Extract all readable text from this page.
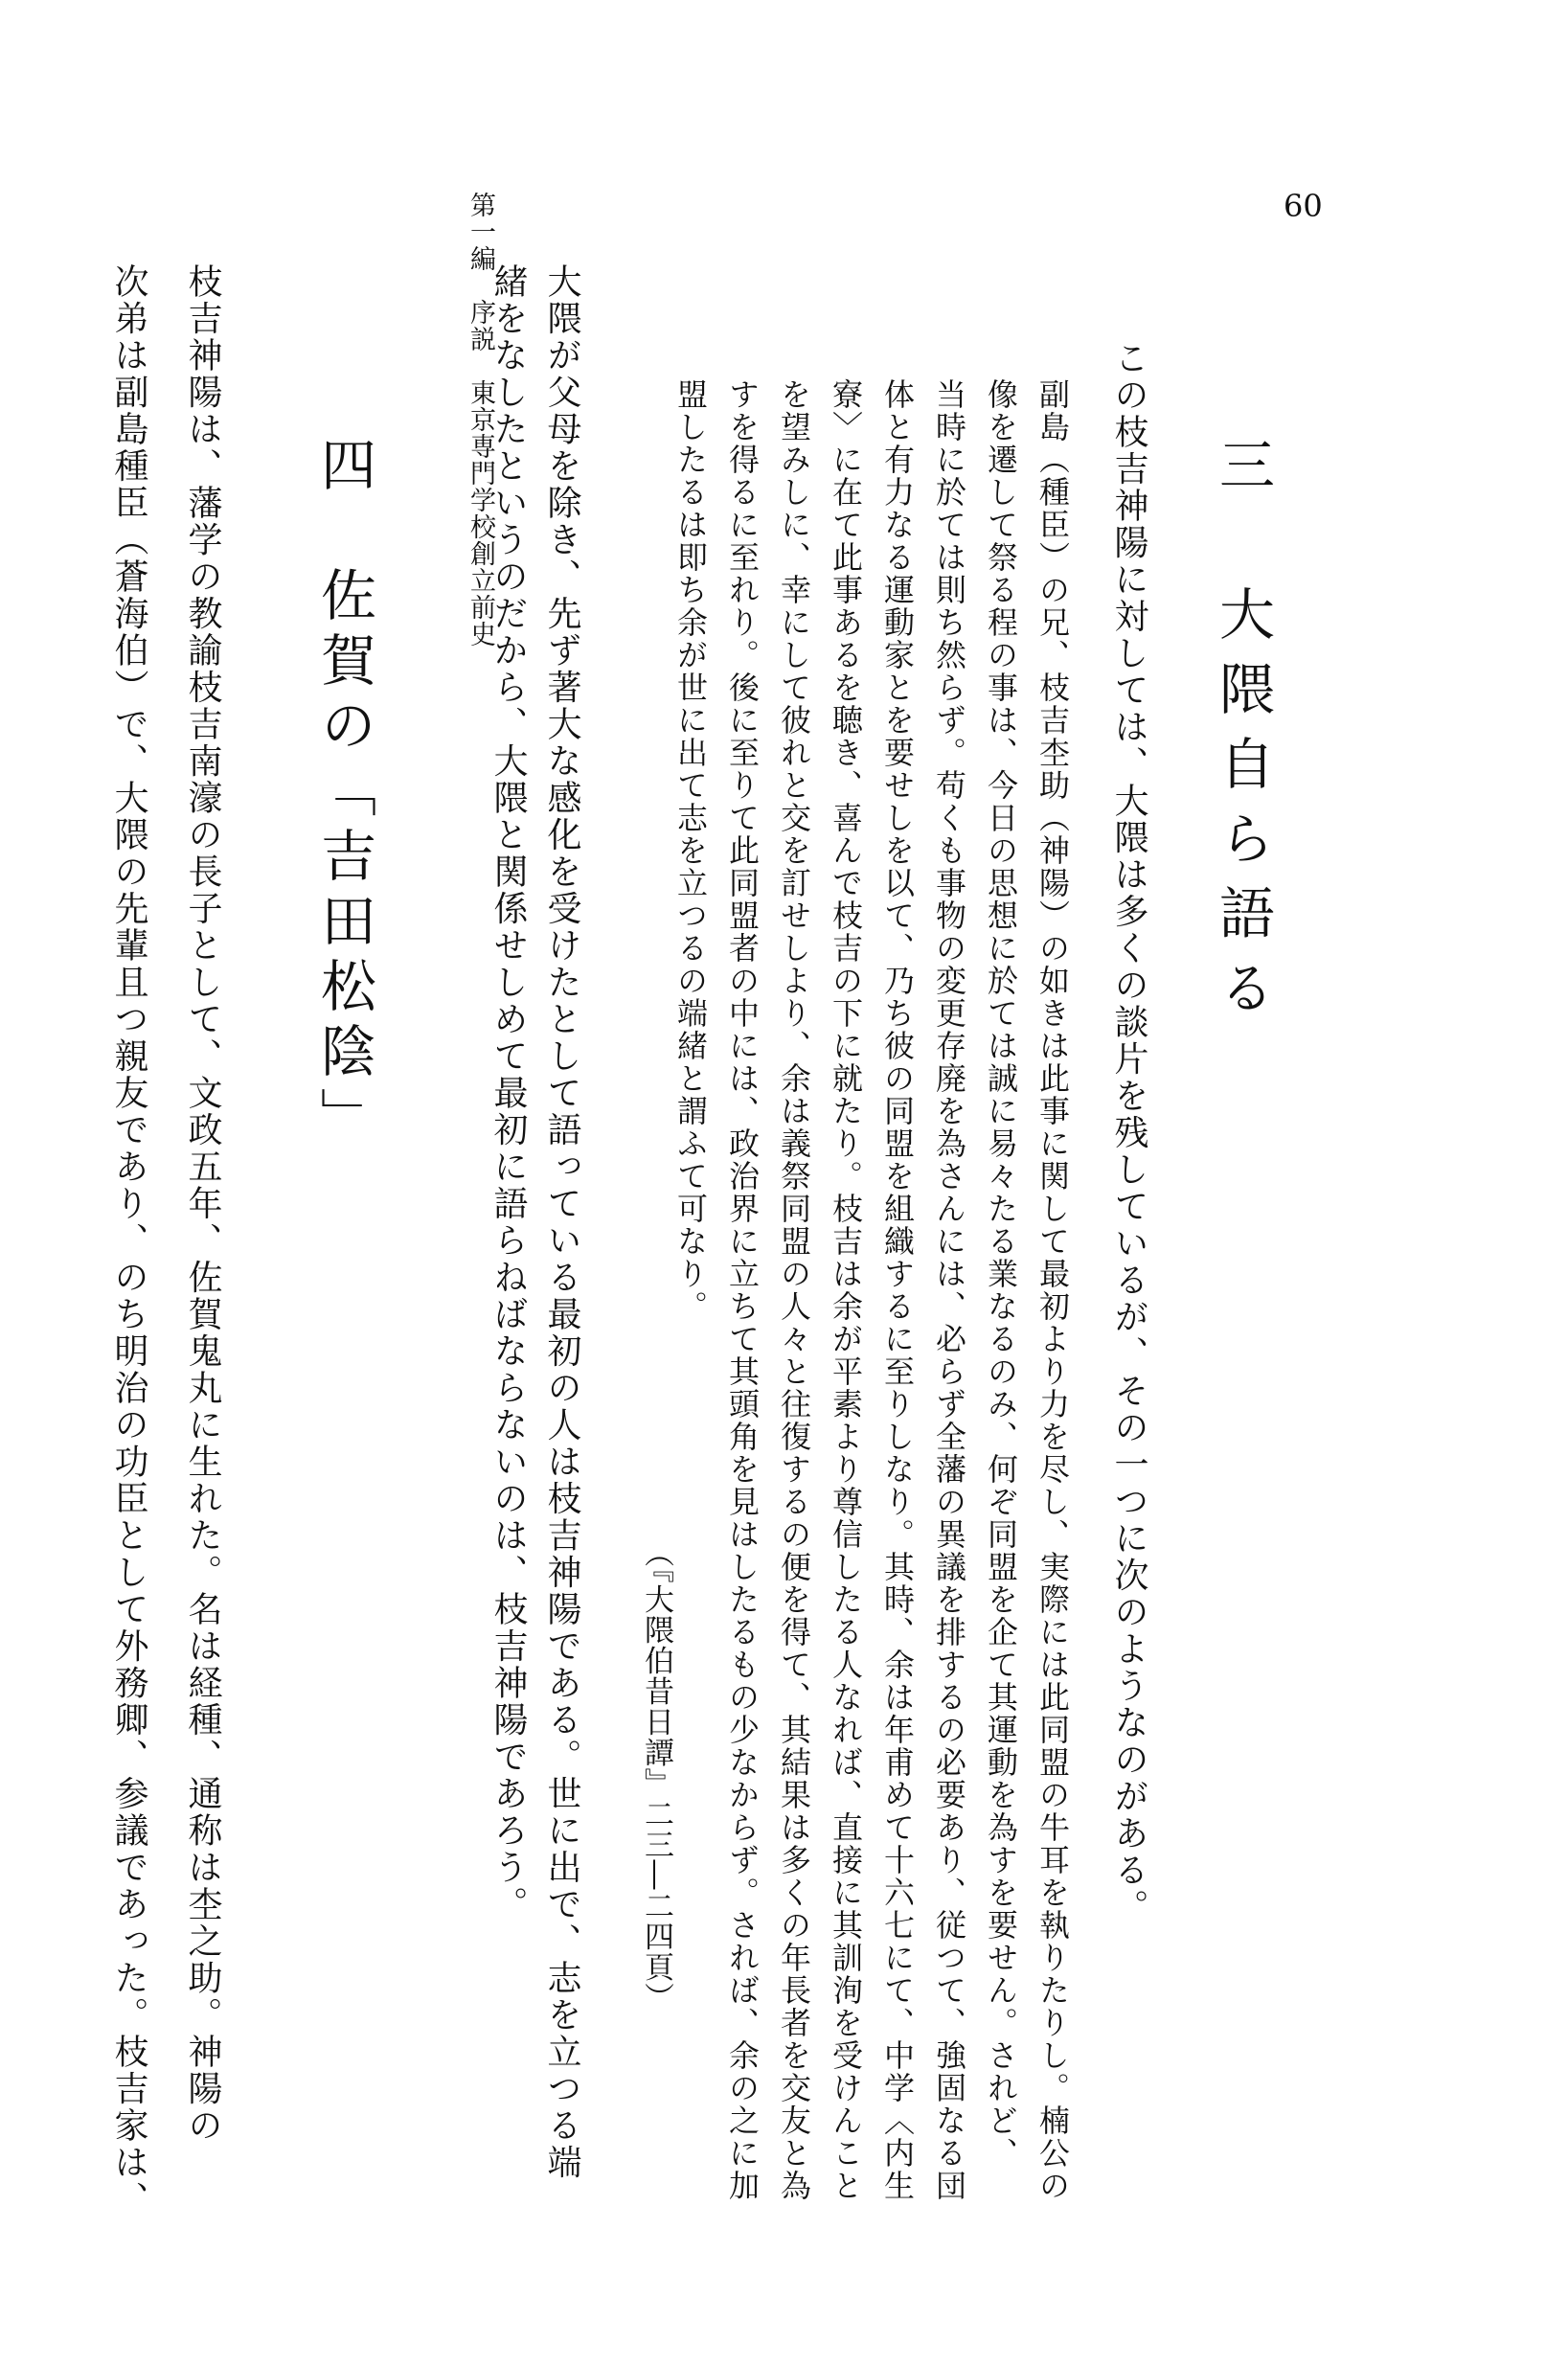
第一編　序説　東京専門学校創立前史	60
三　大隈自ら語る
この枝吉神陽に対しては、大隈は多くの談片を残しているが、その一つに次のようなのがある。
副島（種臣）の兄、枝吉杢助（神陽）の如きは此事に関して最初より力を尽し、実際には此同盟の牛耳を執りたりし。楠公の
像を遷して祭る程の事は、今日の思想に於ては誠に易々たる業なるのみ、何ぞ同盟を企て其運動を為すを要せん。されど、
当時に於ては則ち然らず。苟くも事物の変更存廃を為さんには、必らず全藩の異議を排するの必要あり、従つて、強固なる団
体と有力なる運動家とを要せしを以て、乃ち彼の同盟を組織するに至りしなり。其時、余は年甫めて十六七にて、中学〈内生
寮〉に在て此事あるを聴き、喜んで枝吉の下に就たり。枝吉は余が平素より尊信したる人なれば、直接に其訓洵を受けんこと
を望みしに、幸にして彼れと交を訂せしより、余は義祭同盟の人々と往復するの便を得て、其結果は多くの年長者を交友と為
すを得るに至れり。後に至りて此同盟者の中には、政治界に立ちて其頭角を見はしたるもの少なからず。されば、余の之に加
盟したるは即ち余が世に出て志を立つるの端緒と謂ふて可なり。
（『大隈伯昔日譚』二三―二四頁）
大隈が父母を除き、先ず著大な感化を受けたとして語っている最初の人は枝吉神陽である。世に出で、志を立つる端
緒をなしたというのだから、大隈と関係せしめて最初に語らねばならないのは、枝吉神陽であろう。
四　佐賀の「吉田松陰」
枝吉神陽は、藩学の教諭枝吉南濠の長子として、文政五年、佐賀鬼丸に生れた。名は経種、通称は杢之助。神陽の
次弟は副島種臣（蒼海伯）で、大隈の先輩且つ親友であり、のち明治の功臣として外務卿、参議であった。枝吉家は、
